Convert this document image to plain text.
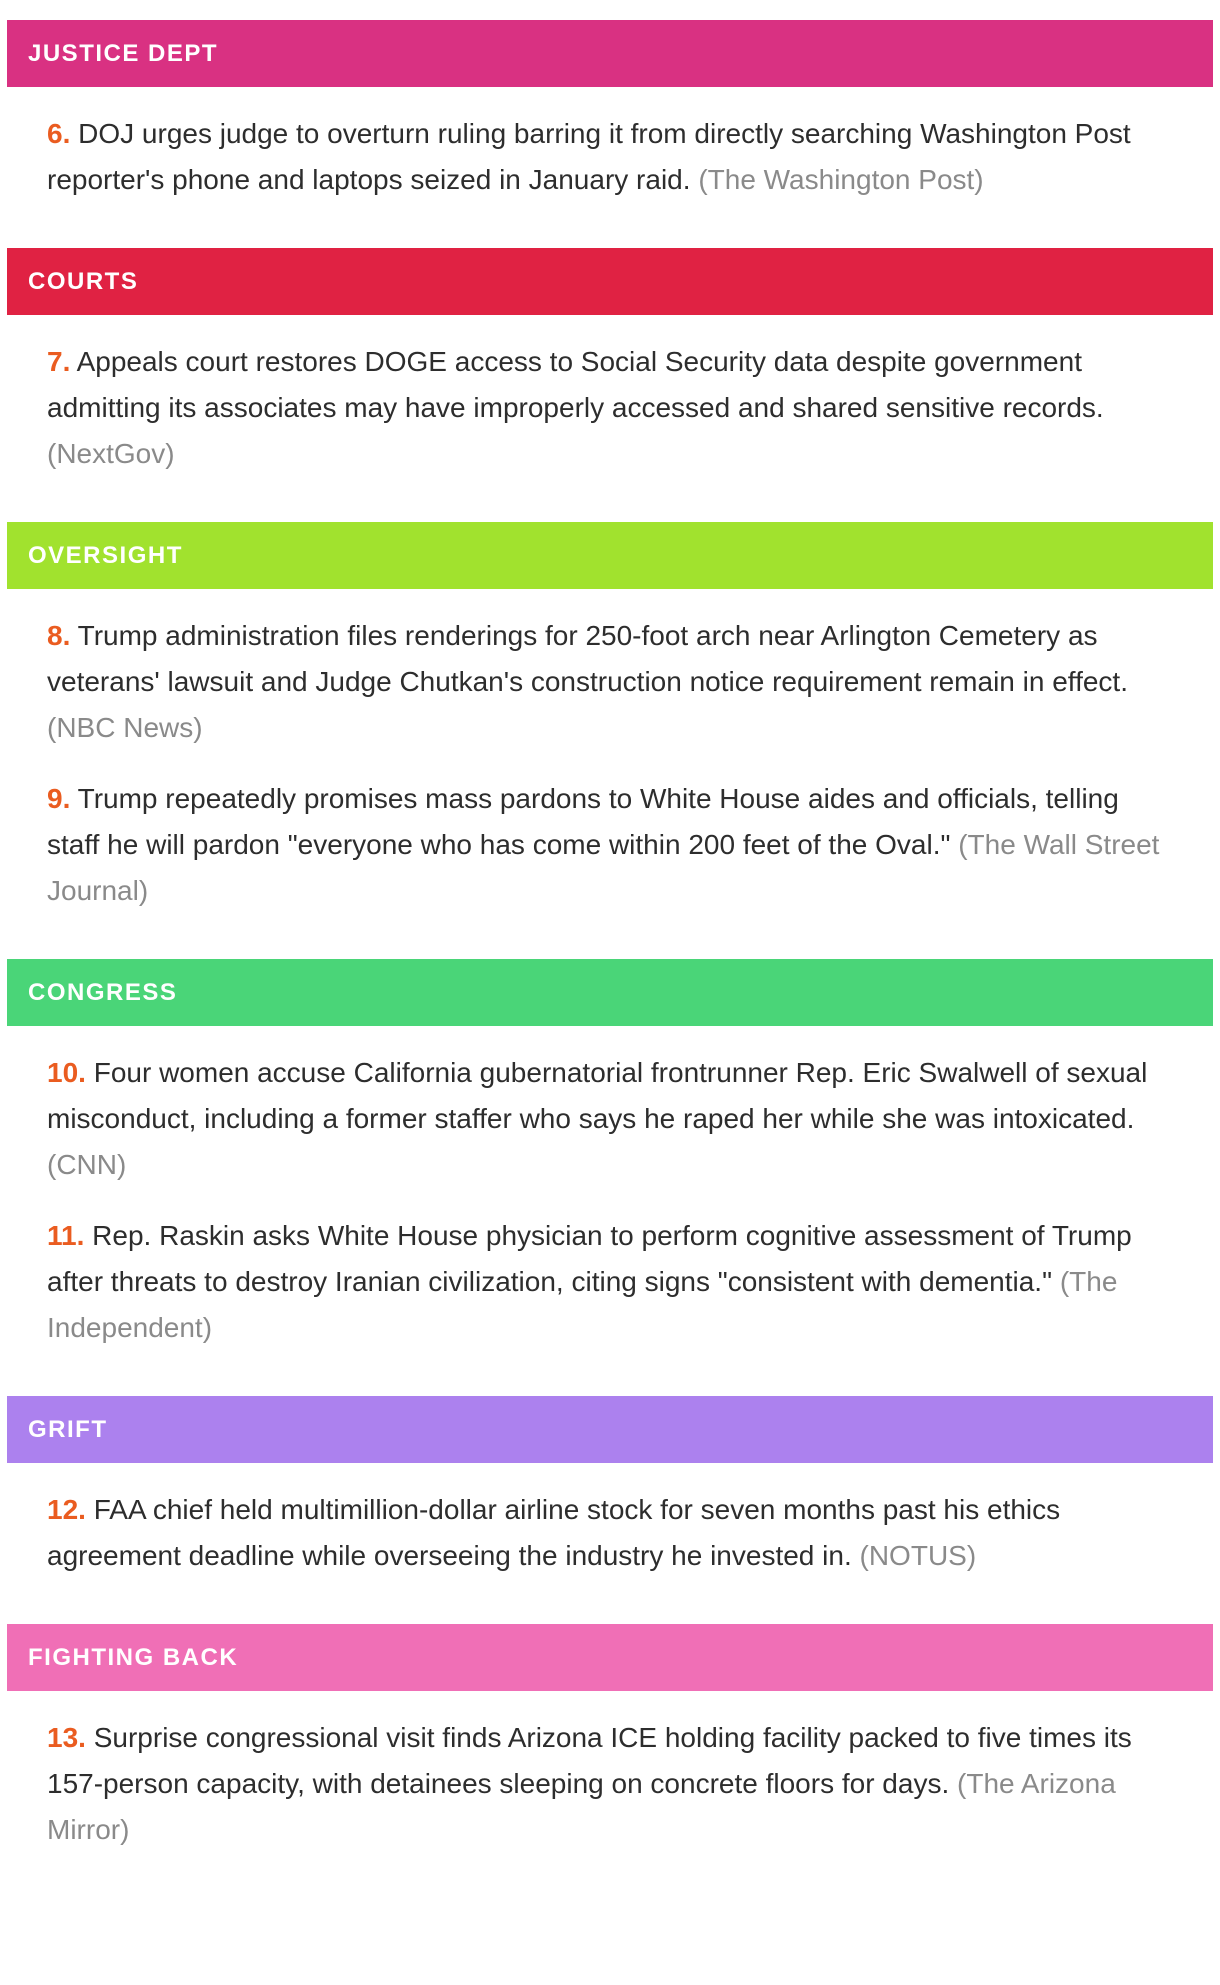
JUSTICE DEPT

6. DOJ urges judge to overturn ruling barring it from directly searching Washington Post reporter's phone and laptops seized in January raid. (The Washington Post)

COURTS

7. Appeals court restores DOGE access to Social Security data despite government admitting its associates may have improperly accessed and shared sensitive records. (NextGov)

OVERSIGHT

8. Trump administration files renderings for 250-foot arch near Arlington Cemetery as veterans' lawsuit and Judge Chutkan's construction notice requirement remain in effect. (NBC News)

9. Trump repeatedly promises mass pardons to White House aides and officials, telling staff he will pardon "everyone who has come within 200 feet of the Oval." (The Wall Street Journal)

CONGRESS

10. Four women accuse California gubernatorial frontrunner Rep. Eric Swalwell of sexual misconduct, including a former staffer who says he raped her while she was intoxicated. (CNN)

11. Rep. Raskin asks White House physician to perform cognitive assessment of Trump after threats to destroy Iranian civilization, citing signs "consistent with dementia." (The Independent)

GRIFT

12. FAA chief held multimillion-dollar airline stock for seven months past his ethics agreement deadline while overseeing the industry he invested in. (NOTUS)

FIGHTING BACK

13. Surprise congressional visit finds Arizona ICE holding facility packed to five times its 157-person capacity, with detainees sleeping on concrete floors for days. (The Arizona Mirror)
